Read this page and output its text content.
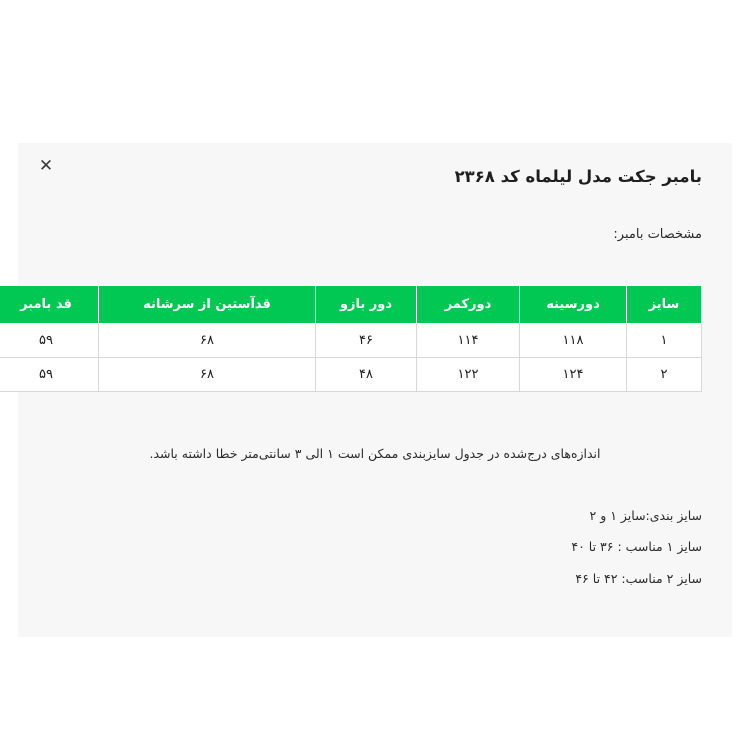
✕
بامبر جکت مدل لیلماه کد ۲۳۶۸
مشخصات بامبر:
سایز	دورسینه	دورکمر	دور بازو	قدآستین از سرشانه	قد بامبر
۱	۱۱۸	۱۱۴	۴۶	۶۸	۵۹
۲	۱۲۴	۱۲۲	۴۸	۶۸	۵۹
اندازه‌های درج‌شده در جدول سایزبندی ممکن است ۱ الی ۳ سانتی‌متر خطا داشته باشد.
سایز بندی:سایز ۱ و ۲
سایز ۱ مناسب : ۳۶ تا ۴۰
سایز ۲ مناسب: ۴۲ تا ۴۶
